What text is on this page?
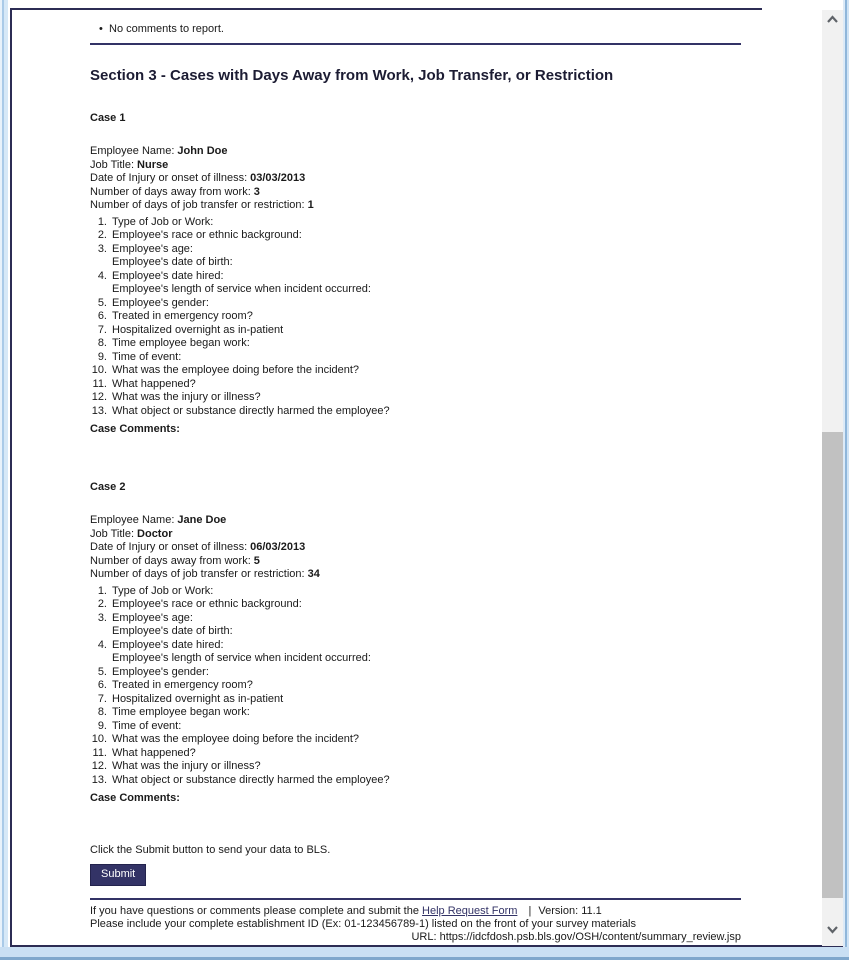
• No comments to report.
Section 3 - Cases with Days Away from Work, Job Transfer, or Restriction
Case 1
Employee Name: John Doe
Job Title: Nurse
Date of Injury or onset of illness: 03/03/2013
Number of days away from work: 3
Number of days of job transfer or restriction: 1
1. Type of Job or Work:
2. Employee's race or ethnic background:
3. Employee's age:
Employee's date of birth:
4. Employee's date hired:
Employee's length of service when incident occurred:
5. Employee's gender:
6. Treated in emergency room?
7. Hospitalized overnight as in-patient
8. Time employee began work:
9. Time of event:
10. What was the employee doing before the incident?
11. What happened?
12. What was the injury or illness?
13. What object or substance directly harmed the employee?
Case Comments:
Case 2
Employee Name: Jane Doe
Job Title: Doctor
Date of Injury or onset of illness: 06/03/2013
Number of days away from work: 5
Number of days of job transfer or restriction: 34
1. Type of Job or Work:
2. Employee's race or ethnic background:
3. Employee's age:
Employee's date of birth:
4. Employee's date hired:
Employee's length of service when incident occurred:
5. Employee's gender:
6. Treated in emergency room?
7. Hospitalized overnight as in-patient
8. Time employee began work:
9. Time of event:
10. What was the employee doing before the incident?
11. What happened?
12. What was the injury or illness?
13. What object or substance directly harmed the employee?
Case Comments:
Click the Submit button to send your data to BLS.
Submit
If you have questions or comments please complete and submit the Help Request Form | Version: 11.1
Please include your complete establishment ID (Ex: 01-123456789-1) listed on the front of your survey materials
URL: https://idcfdosh.psb.bls.gov/OSH/content/summary_review.jsp
